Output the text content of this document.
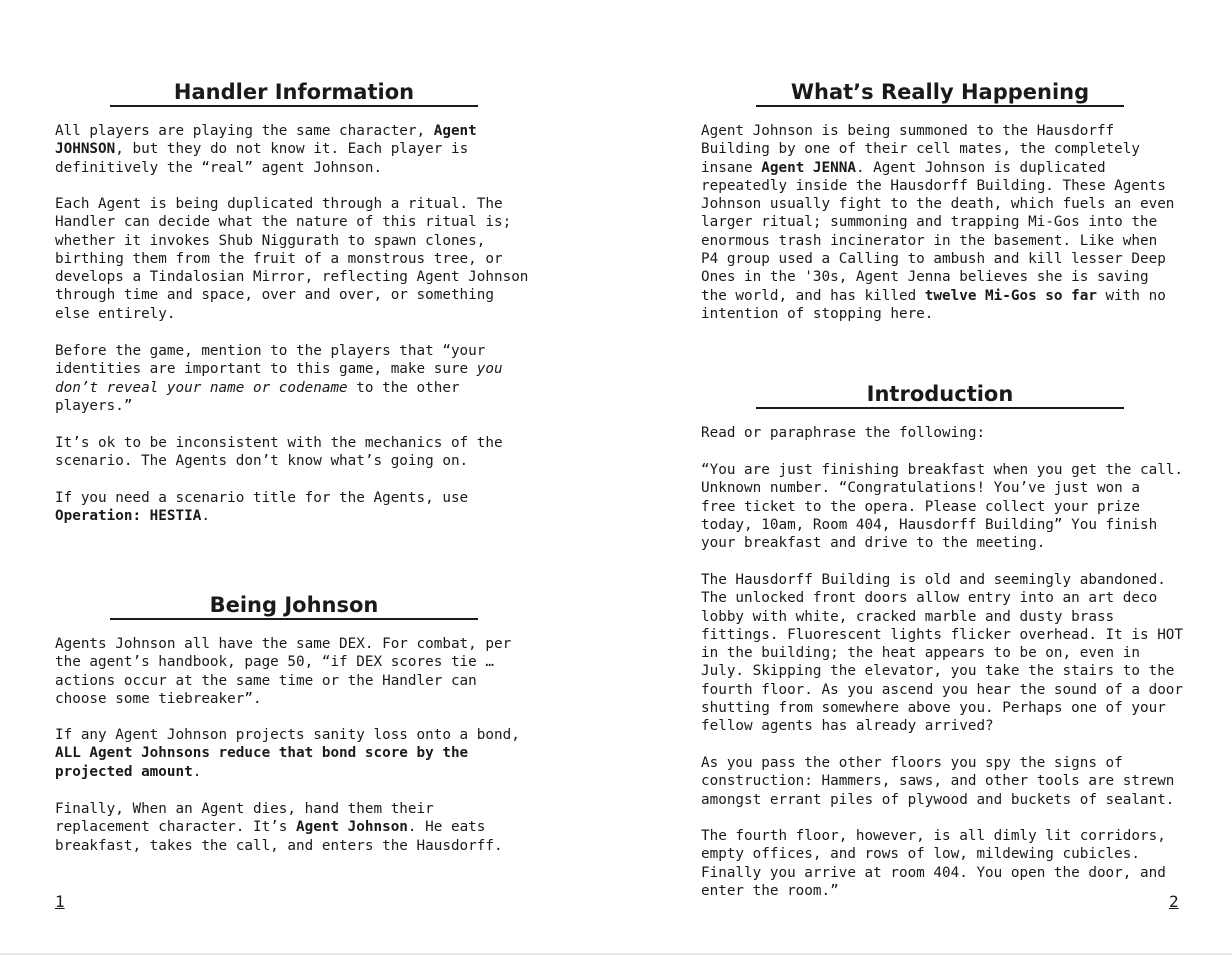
Handler Information
All players are playing the same character, Agent
JOHNSON, but they do not know it. Each player is
definitively the “real” agent Johnson.
Each Agent is being duplicated through a ritual. The
Handler can decide what the nature of this ritual is;
whether it invokes Shub Niggurath to spawn clones,
birthing them from the fruit of a monstrous tree, or
develops a Tindalosian Mirror, reflecting Agent Johnson
through time and space, over and over, or something
else entirely.
Before the game, mention to the players that “your
identities are important to this game, make sure you
don’t reveal your name or codename to the other
players.”
It’s ok to be inconsistent with the mechanics of the
scenario. The Agents don’t know what’s going on.
If you need a scenario title for the Agents, use
Operation: HESTIA.
Being Johnson
Agents Johnson all have the same DEX. For combat, per
the agent’s handbook, page 50, “if DEX scores tie …
actions occur at the same time or the Handler can
choose some tiebreaker”.
If any Agent Johnson projects sanity loss onto a bond,
ALL Agent Johnsons reduce that bond score by the
projected amount.
Finally, When an Agent dies, hand them their
replacement character. It’s Agent Johnson. He eats
breakfast, takes the call, and enters the Hausdorff.
1
What’s Really Happening
Agent Johnson is being summoned to the Hausdorff
Building by one of their cell mates, the completely
insane Agent JENNA. Agent Johnson is duplicated
repeatedly inside the Hausdorff Building. These Agents
Johnson usually fight to the death, which fuels an even
larger ritual; summoning and trapping Mi-Gos into the
enormous trash incinerator in the basement. Like when
P4 group used a Calling to ambush and kill lesser Deep
Ones in the '30s, Agent Jenna believes she is saving
the world, and has killed twelve Mi-Gos so far with no
intention of stopping here.
Introduction
Read or paraphrase the following:
“You are just finishing breakfast when you get the call.
Unknown number. “Congratulations! You’ve just won a
free ticket to the opera. Please collect your prize
today, 10am, Room 404, Hausdorff Building” You finish
your breakfast and drive to the meeting.
The Hausdorff Building is old and seemingly abandoned.
The unlocked front doors allow entry into an art deco
lobby with white, cracked marble and dusty brass
fittings. Fluorescent lights flicker overhead. It is HOT
in the building; the heat appears to be on, even in
July. Skipping the elevator, you take the stairs to the
fourth floor. As you ascend you hear the sound of a door
shutting from somewhere above you. Perhaps one of your
fellow agents has already arrived?
As you pass the other floors you spy the signs of
construction: Hammers, saws, and other tools are strewn
amongst errant piles of plywood and buckets of sealant.
The fourth floor, however, is all dimly lit corridors,
empty offices, and rows of low, mildewing cubicles.
Finally you arrive at room 404. You open the door, and
enter the room.”
2
